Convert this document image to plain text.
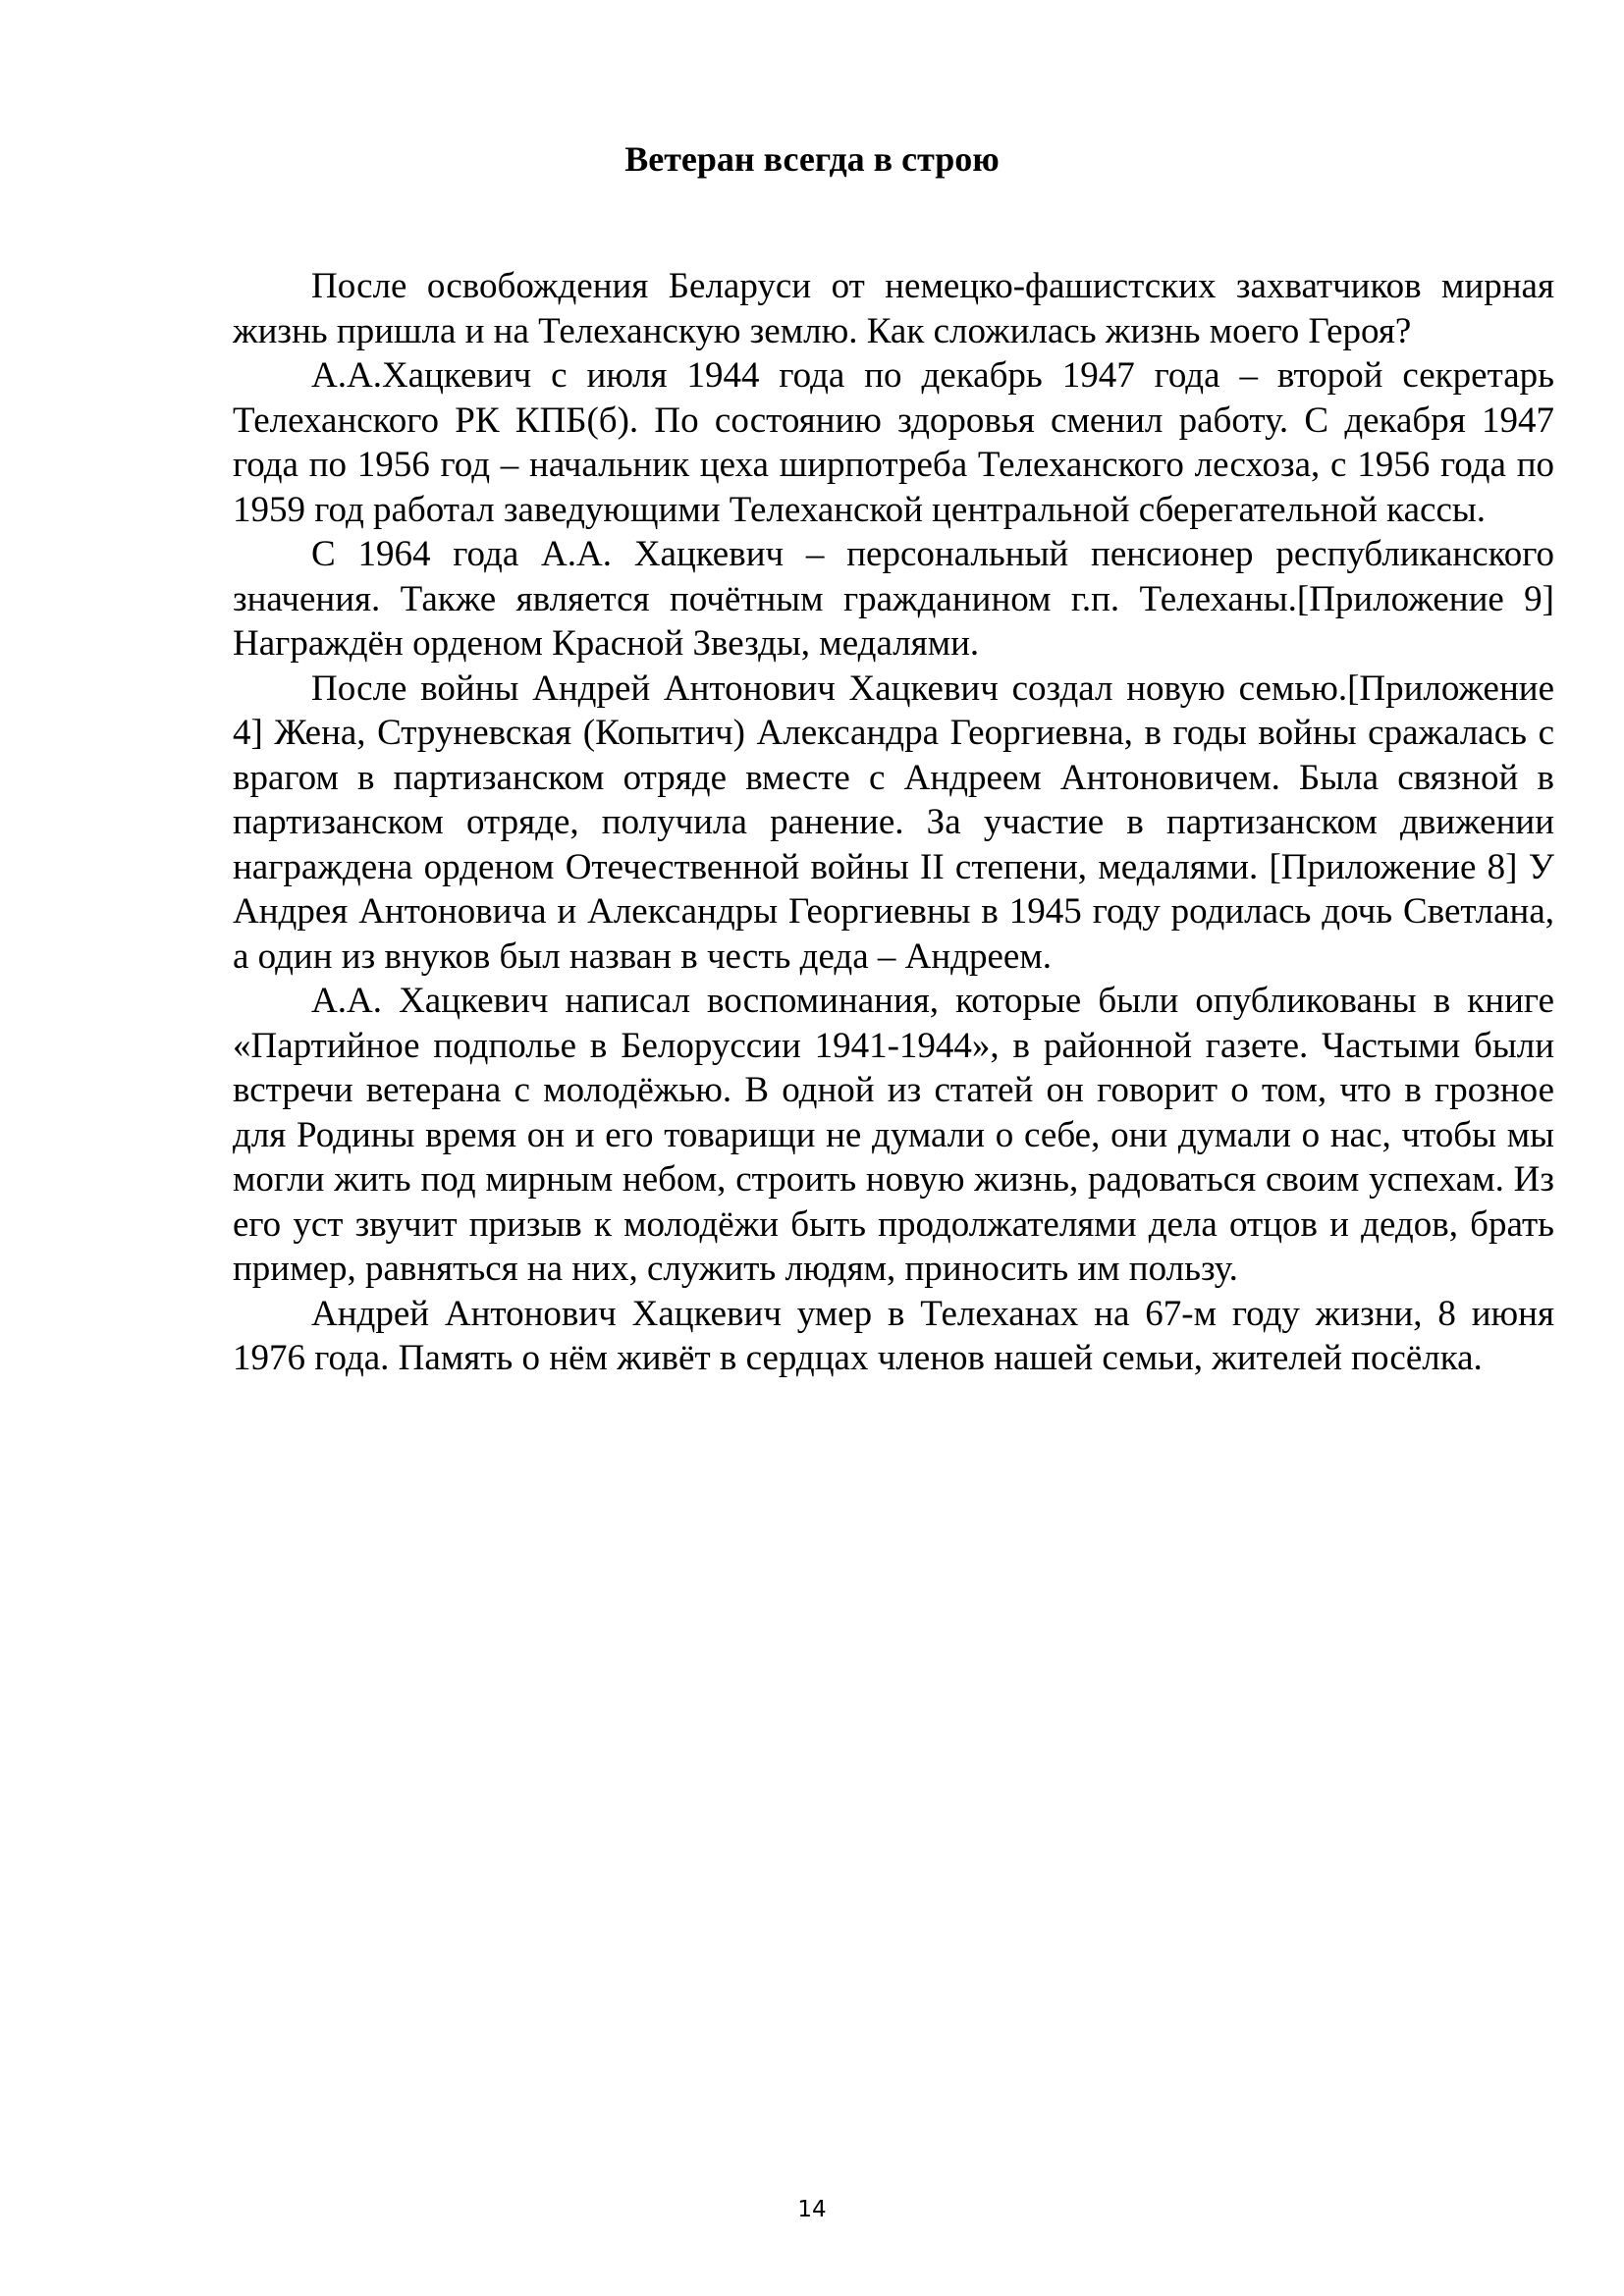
Ветеран всегда в строю

После освобождения Беларуси от немецко-фашистских захватчиков мирная жизнь пришла и на Телеханскую землю. Как сложилась жизнь моего Героя?

А.А.Хацкевич с июля 1944 года по декабрь 1947 года – второй секретарь Телеханского РК КПБ(б). По состоянию здоровья сменил работу. С декабря 1947 года по 1956 год – начальник цеха ширпотреба Телеханского лесхоза, с 1956 года по 1959 год работал заведующими Телеханской центральной сберегательной кассы.

С 1964 года А.А. Хацкевич – персональный пенсионер республиканского значения. Также является почётным гражданином г.п. Телеханы.[Приложение 9] Награждён орденом Красной Звезды, медалями.

После войны Андрей Антонович Хацкевич создал новую семью.[Приложение 4] Жена, Струневская (Копытич) Александра Георгиевна, в годы войны сражалась с врагом в партизанском отряде вместе с Андреем Антоновичем. Была связной в партизанском отряде, получила ранение. За участие в партизанском движении награждена орденом Отечественной войны II степени, медалями. [Приложение 8] У Андрея Антоновича и Александры Георгиевны в 1945 году родилась дочь Светлана, а один из внуков был назван в честь деда – Андреем.

А.А. Хацкевич написал воспоминания, которые были опубликованы в книге «Партийное подполье в Белоруссии 1941-1944», в районной газете. Частыми были встречи ветерана с молодёжью. В одной из статей он говорит о том, что в грозное для Родины время он и его товарищи не думали о себе, они думали о нас, чтобы мы могли жить под мирным небом, строить новую жизнь, радоваться своим успехам. Из его уст звучит призыв к молодёжи быть продолжателями дела отцов и дедов, брать пример, равняться на них, служить людям, приносить им пользу.

Андрей Антонович Хацкевич умер в Телеханах на 67-м году жизни, 8 июня 1976 года. Память о нём живёт в сердцах членов нашей семьи, жителей посёлка.

14
